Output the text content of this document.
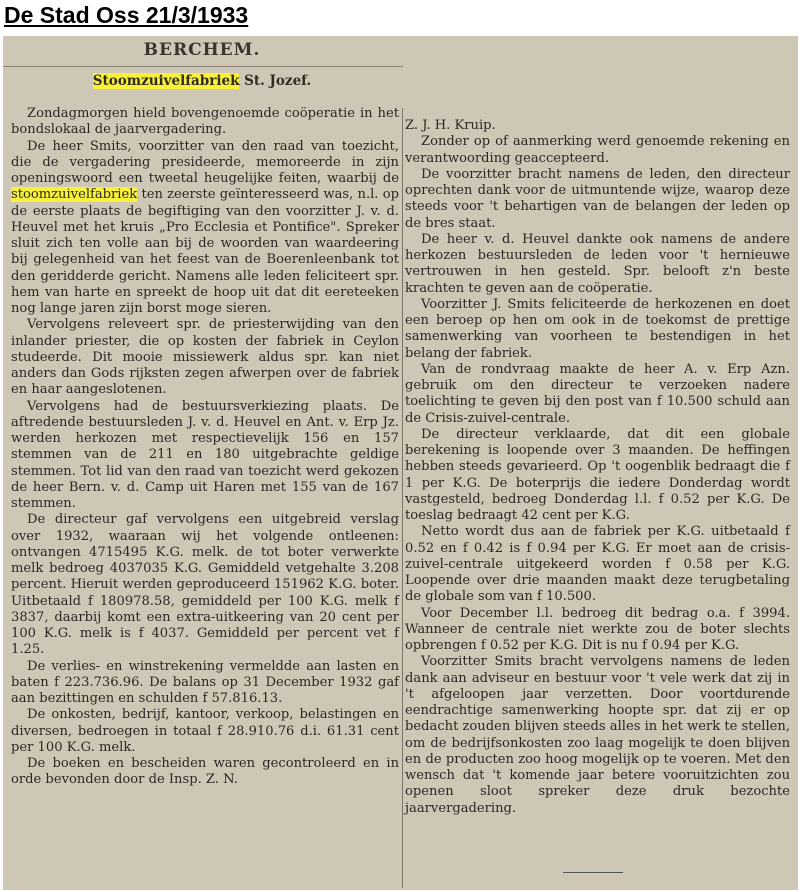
De Stad Oss 21/3/1933
BERCHEM.
Stoomzuivelfabriek St. Jozef.

Zondagmorgen hield bovengenoemde coöperatie in het bondslokaal de jaarvergadering.

De heer Smits, voorzitter van den raad van toezicht, die de vergadering presideerde, memoreerde in zijn openingswoord een tweetal heugelijke feiten, waarbij de stoomzuivelfabriek ten zeerste geïnteresseerd was, n.l. op de eerste plaats de begiftiging van den voorzitter J. v. d. Heuvel met het kruis „Pro Ecclesia et Pontifice". Spreker sluit zich ten volle aan bij de woorden van waardeering bij gelegenheid van het feest van de Boerenleenbank tot den geridderde gericht. Namens alle leden feliciteert spr. hem van harte en spreekt de hoop uit dat dit eereteeken nog lange jaren zijn borst moge sieren.

Vervolgens releveert spr. de priesterwijding van den inlander priester, die op kosten der fabriek in Ceylon studeerde. Dit mooie missiewerk aldus spr. kan niet anders dan Gods rijksten zegen afwerpen over de fabriek en haar aangeslotenen.

Vervolgens had de bestuursverkiezing plaats. De aftredende bestuursleden J. v. d. Heuvel en Ant. v. Erp Jz. werden herkozen met respectievelijk 156 en 157 stemmen van de 211 en 180 uitgebrachte geldige stemmen. Tot lid van den raad van toezicht werd gekozen de heer Bern. v. d. Camp uit Haren met 155 van de 167 stemmen.

De directeur gaf vervolgens een uitgebreid verslag over 1932, waaraan wij het volgende ontleenen: ontvangen 4715495 K.G. melk. de tot boter verwerkte melk bedroeg 4037035 K.G. Gemiddeld vetgehalte 3.208 percent. Hieruit werden geproduceerd 151962 K.G. boter. Uitbetaald f 180978.58, gemiddeld per 100 K.G. melk f 3837, daarbij komt een extra-uitkeering van 20 cent per 100 K.G. melk is f 4037. Gemiddeld per percent vet f 1.25.

De verlies- en winstrekening vermeldde aan lasten en baten f 223.736.96. De balans op 31 December 1932 gaf aan bezittingen en schulden f 57.816.13.

De onkosten, bedrijf, kantoor, verkoop, belastingen en diversen, bedroegen in totaal f 28.910.76 d.i. 61.31 cent per 100 K.G. melk.

De boeken en bescheiden waren gecontroleerd en in orde bevonden door de Insp. Z. N.

Z. J. H. Kruip.

Zonder op of aanmerking werd genoemde rekening en verantwoording geaccepteerd.

De voorzitter bracht namens de leden, den directeur oprechten dank voor de uitmuntende wijze, waarop deze steeds voor 't behartigen van de belangen der leden op de bres staat.

De heer v. d. Heuvel dankte ook namens de andere herkozen bestuursleden de leden voor 't hernieuwe vertrouwen in hen gesteld. Spr. belooft z'n beste krachten te geven aan de coöperatie.

Voorzitter J. Smits feliciteerde de herkozenen en doet een beroep op hen om ook in de toekomst de prettige samenwerking van voorheen te bestendigen in het belang der fabriek.

Van de rondvraag maakte de heer A. v. Erp Azn. gebruik om den directeur te verzoeken nadere toelichting te geven bij den post van f 10.500 schuld aan de Crisis-zuivel-centrale.

De directeur verklaarde, dat dit een globale berekening is loopende over 3 maanden. De heffingen hebben steeds gevarieerd. Op 't oogenblik bedraagt die f 1 per K.G. De boterprijs die iedere Donderdag wordt vastgesteld, bedroeg Donderdag l.l. f 0.52 per K.G. De toeslag bedraagt 42 cent per K.G.

Netto wordt dus aan de fabriek per K.G. uitbetaald f 0.52 en f 0.42 is f 0.94 per K.G. Er moet aan de crisis-zuivel-centrale uitgekeerd worden f 0.58 per K.G. Loopende over drie maanden maakt deze terugbetaling de globale som van f 10.500.

Voor December l.l. bedroeg dit bedrag o.a. f 3994. Wanneer de centrale niet werkte zou de boter slechts opbrengen f 0.52 per K.G. Dit is nu f 0.94 per K.G.

Voorzitter Smits bracht vervolgens namens de leden dank aan adviseur en bestuur voor 't vele werk dat zij in 't afgeloopen jaar verzetten. Door voortdurende eendrachtige samenwerking hoopte spr. dat zij er op bedacht zouden blijven steeds alles in het werk te stellen, om de bedrijfsonkosten zoo laag mogelijk te doen blijven en de producten zoo hoog mogelijk op te voeren. Met den wensch dat 't komende jaar betere vooruitzichten zou openen sloot spreker deze druk bezochte jaarvergadering.
